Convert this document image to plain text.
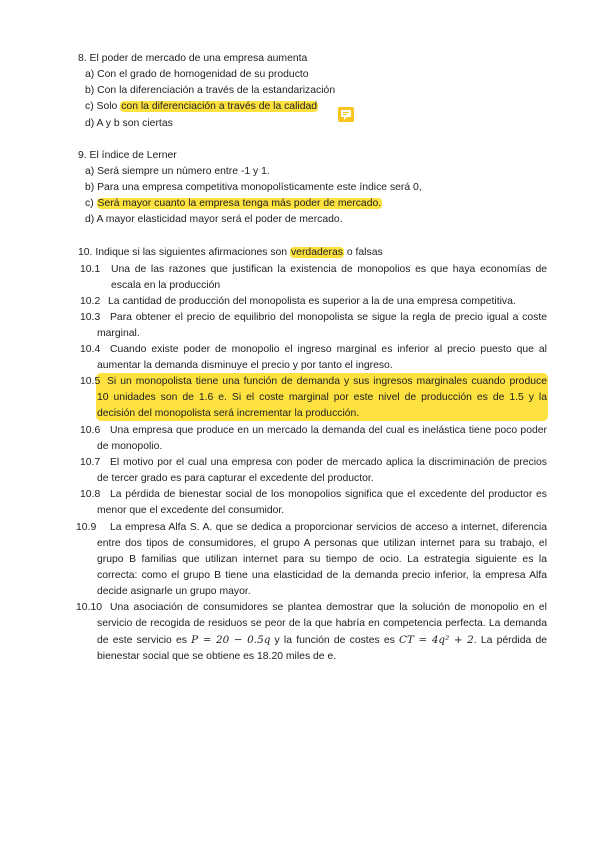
8. El poder de mercado de una empresa aumenta
a) Con el grado de homogenidad de su producto
b) Con la diferenciación a través de la estandarización
c) Solo con la diferenciación a través de la calidad
d) A y b son ciertas
9. El índice de Lerner
a) Será siempre un número entre -1 y 1.
b) Para una empresa competitiva monopolísticamente este índice será 0,
c) Será mayor cuanto la empresa tenga más poder de mercado.
d) A mayor elasticidad mayor será el poder de mercado.
10. Indique si las siguientes afirmaciones son verdaderas o falsas
10.1	Una de las razones que justifican la existencia de monopolios es que haya economías de escala en la producción
10.2 La cantidad de producción del monopolista es superior a la de una empresa competitiva.
10.3 Para obtener el precio de equilibrio del monopolista se sigue la regla de precio igual a coste marginal.
10.4 Cuando existe poder de monopolio el ingreso marginal es inferior al precio puesto que al aumentar la demanda disminuye el precio y por tanto el ingreso.
10.5 Si un monopolista tiene una función de demanda y sus ingresos marginales cuando produce 10 unidades son de 1.6 e. Si el coste marginal por este nivel de producción es de 1.5 y la decisión del monopolista será incrementar la producción.
10.6 Una empresa que produce en un mercado la demanda del cual es inelástica tiene poco poder de monopolio.
10.7 El motivo por el cual una empresa con poder de mercado aplica la discriminación de precios de tercer grado es para capturar el excedente del productor.
10.8 La pérdida de bienestar social de los monopolios significa que el excedente del productor es menor que el excedente del consumidor.
10.9	La empresa Alfa S. A. que se dedica a proporcionar servicios de acceso a internet, diferencia entre dos tipos de consumidores, el grupo A personas que utilizan internet para su trabajo, el grupo B familias que utilizan internet para su tiempo de ocio. La estrategia siguiente es la correcta: como el grupo B tiene una elasticidad de la demanda precio inferior, la empresa Alfa decide asignarle un grupo mayor.
10.10 Una asociación de consumidores se plantea demostrar que la solución de monopolio en el servicio de recogida de residuos se peor de la que habría en competencia perfecta. La demanda de este servicio es P = 20 − 0.5q y la función de costes es CT = 4q² + 2. La pérdida de bienestar social que se obtiene es 18.20 miles de e.
